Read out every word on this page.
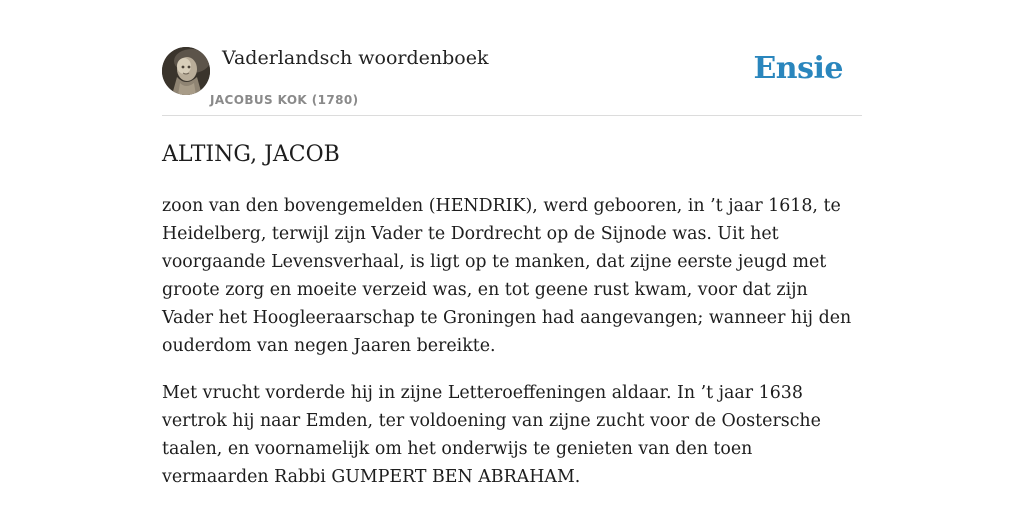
Vaderlandsch woordenboek
JACOBUS KOK (1780)
Ensie
ALTING, JACOB

zoon van den bovengemelden (HENDRIK), werd gebooren, in ’t jaar 1618, te Heidelberg, terwijl zijn Vader te Dordrecht op de Sijnode was. Uit het voorgaande Levensverhaal, is ligt op te manken, dat zijne eerste jeugd met groote zorg en moeite verzeid was, en tot geene rust kwam, voor dat zijn Vader het Hoogleeraarschap te Groningen had aangevangen; wanneer hij den ouderdom van negen Jaaren bereikte.

Met vrucht vorderde hij in zijne Letteroeffeningen aldaar. In ’t jaar 1638 vertrok hij naar Emden, ter voldoening van zijne zucht voor de Oostersche taalen, en voornamelijk om het onderwijs te genieten van den toen vermaarden Rabbi GUMPERT BEN ABRAHAM.
